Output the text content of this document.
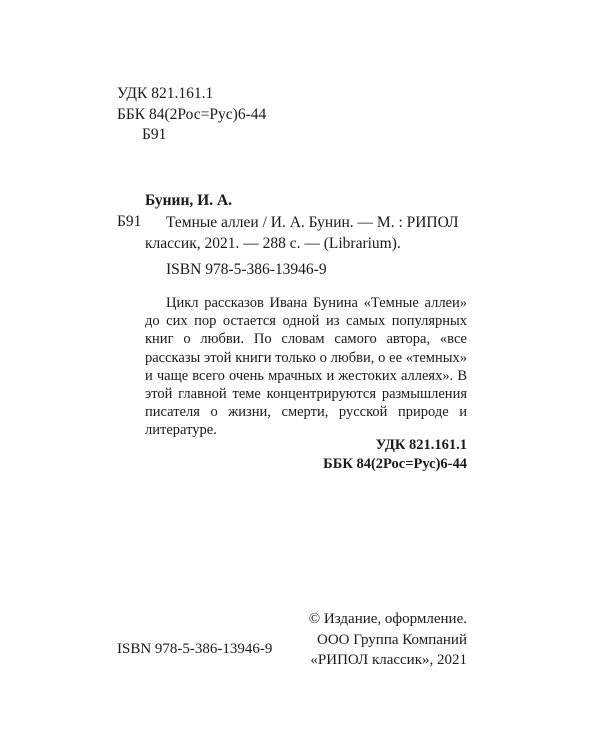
УДК 821.161.1
ББК 84(2Рос=Рус)6-44
Б91
Бунин, И. А.
Б91 Темные аллеи / И. А. Бунин. — М. : РИПОЛ
классик, 2021. — 288 с. — (Librarium).
ISBN 978-5-386-13946-9

Цикл рассказов Ивана Бунина «Темные аллеи» до сих пор остается одной из самых популярных книг о любви. По словам самого автора, «все рассказы этой книги только о любви, о ее «темных» и чаще всего очень мрачных и жестоких аллеях». В этой главной теме концентрируются размышления писателя о жизни, смерти, русской природе и литературе.

УДК 821.161.1
ББК 84(2Рос=Рус)6-44
© Издание, оформление.
ООО Группа Компаний
«РИПОЛ классик», 2021
ISBN 978-5-386-13946-9
